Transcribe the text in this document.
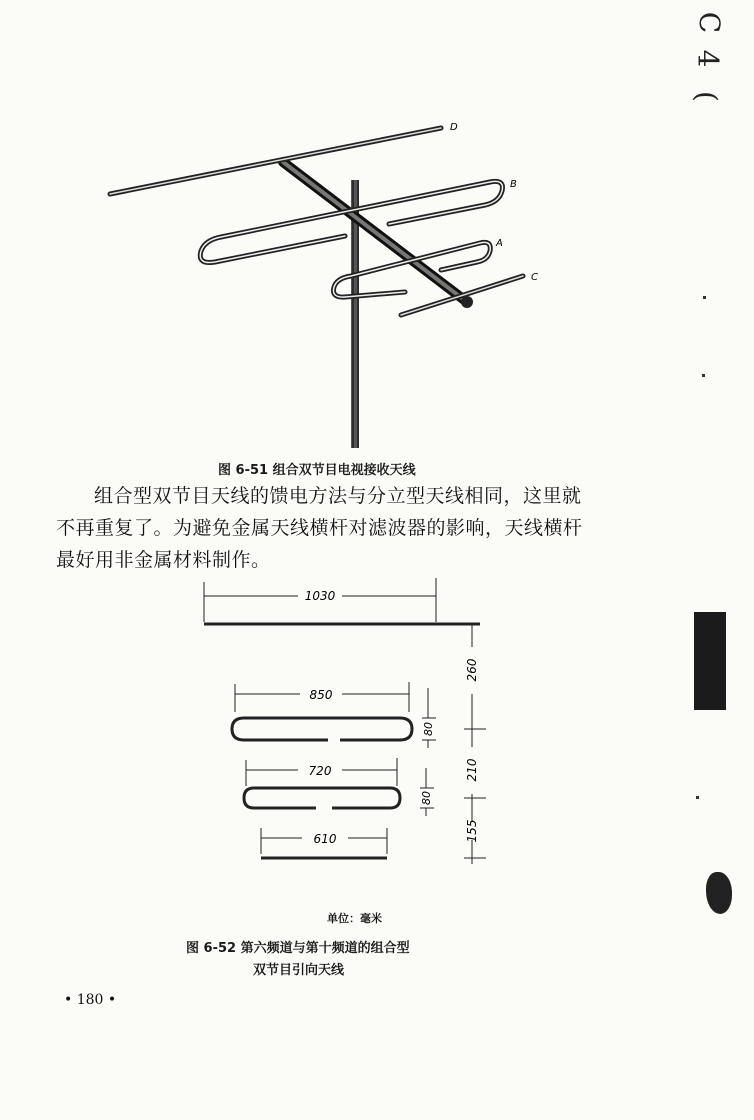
D
B
A
C
图 6-51 组合双节目电视接收天线
组合型双节目天线的馈电方法与分立型天线相同，这里就
不再重复了。为避免金属天线横杆对滤波器的影响，天线横杆
最好用非金属材料制作。
1030
850
720
610
260
210
155
80
80
单位：毫米
图 6-52 第六频道与第十频道的组合型
双节目引向天线
• 180 •
C
4
(
